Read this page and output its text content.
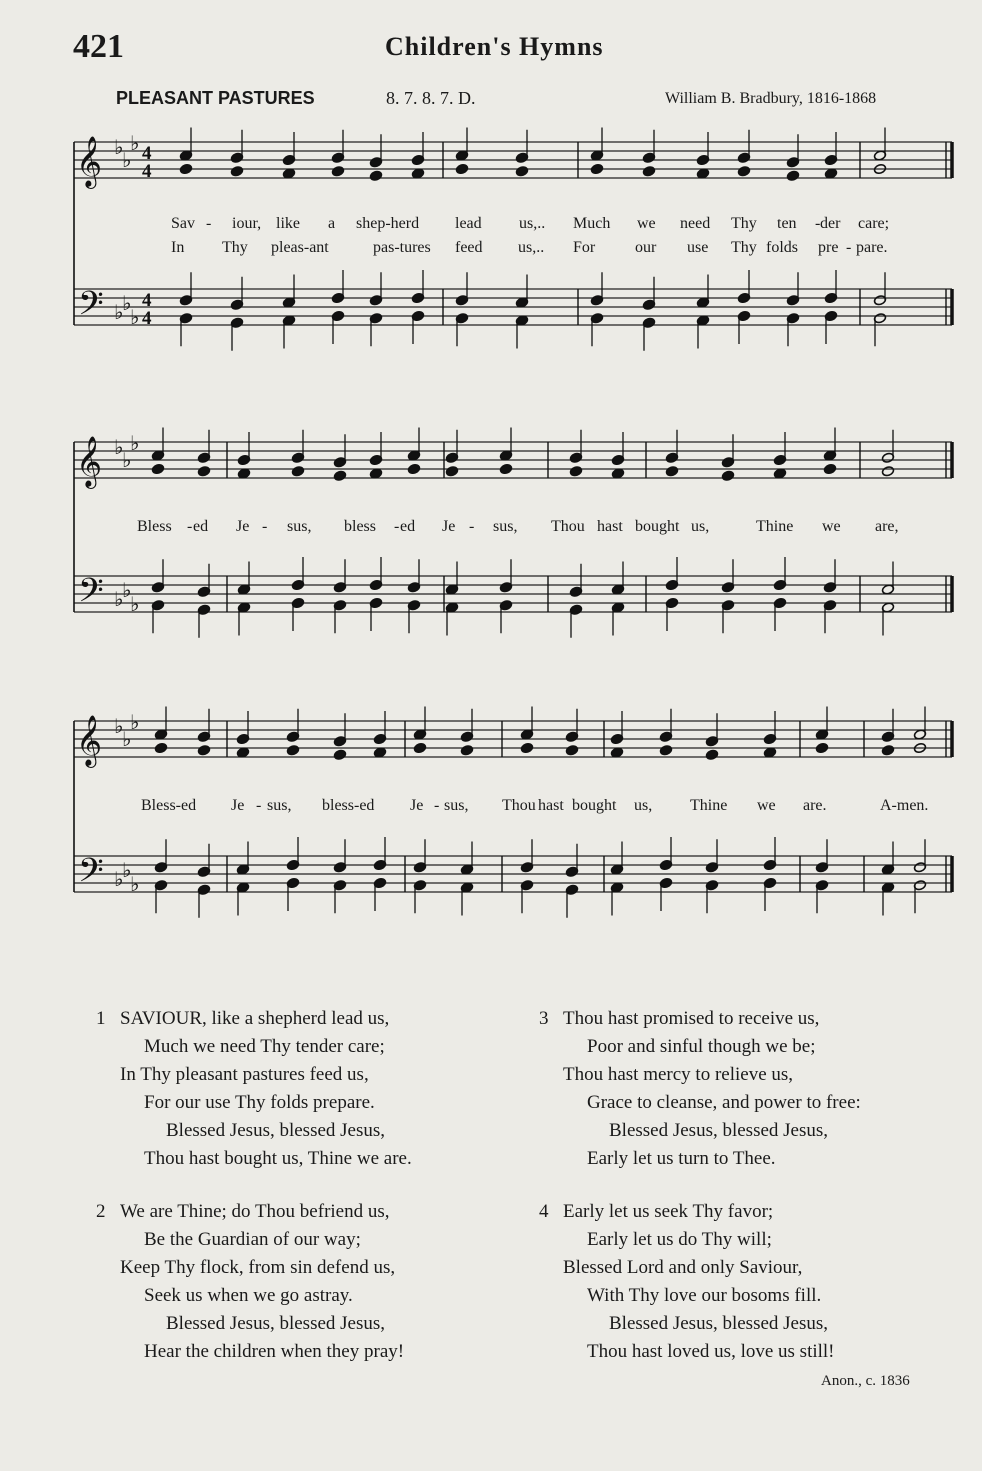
421	Children's Hymns
PLEASANT PASTURES	8. 7. 8. 7. D.	William B. Bradbury, 1816-1868
𝄞
𝄢
♭
♭
♭
♭
♭
♭
4
4
4
4
𝄞
𝄢
♭
♭
♭
♭
♭
♭
𝄞
𝄢
♭
♭
♭
♭
♭
♭
Sav - iour, like a shep-herd lead us,.. Much we need Thy ten - der care;
In Thy pleas-ant	pas-tures feed us,.. For our use Thy folds pre - pare.
Bless - ed Je - sus, bless - ed Je - sus, Thou hast bought us,	Thine we are,
Bless-ed Je - sus, bless-ed Je - sus, Thou hast bought us, Thine we are.	A-men.
1 SAVIOUR, like a shepherd lead us,
Much we need Thy tender care;
In Thy pleasant pastures feed us,
For our use Thy folds prepare.
Blessed Jesus, blessed Jesus,
Thou hast bought us, Thine we are.
2 We are Thine; do Thou befriend us,
Be the Guardian of our way;
Keep Thy flock, from sin defend us,
Seek us when we go astray.
Blessed Jesus, blessed Jesus,
Hear the children when they pray!
3 Thou hast promised to receive us,
Poor and sinful though we be;
Thou hast mercy to relieve us,
Grace to cleanse, and power to free:
Blessed Jesus, blessed Jesus,
Early let us turn to Thee.
4 Early let us seek Thy favor;
Early let us do Thy will;
Blessed Lord and only Saviour,
With Thy love our bosoms fill.
Blessed Jesus, blessed Jesus,
Thou hast loved us, love us still!
Anon., c. 1836
